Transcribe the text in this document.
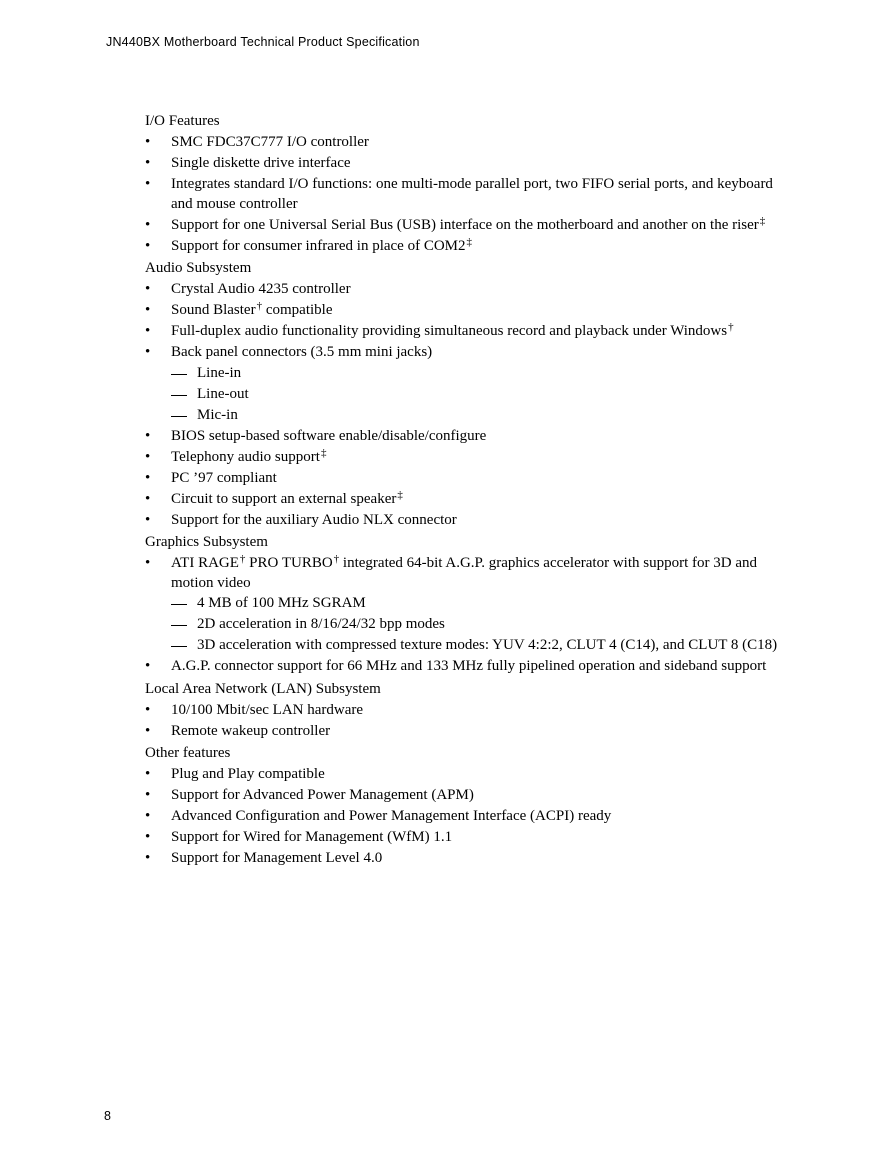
JN440BX Motherboard Technical Product Specification
I/O Features
• SMC FDC37C777 I/O controller
• Single diskette drive interface
• Integrates standard I/O functions: one multi-mode parallel port, two FIFO serial ports, and keyboard and mouse controller
• Support for one Universal Serial Bus (USB) interface on the motherboard and another on the riser‡
• Support for consumer infrared in place of COM2‡
Audio Subsystem
• Crystal Audio 4235 controller
• Sound Blaster† compatible
• Full-duplex audio functionality providing simultaneous record and playback under Windows†
• Back panel connectors (3.5 mm mini jacks)
Line-in
Line-out
Mic-in
• BIOS setup-based software enable/disable/configure
• Telephony audio support‡
• PC ’97 compliant
• Circuit to support an external speaker‡
• Support for the auxiliary Audio NLX connector
Graphics Subsystem
• ATI RAGE† PRO TURBO† integrated 64-bit A.G.P. graphics accelerator with support for 3D and motion video
4 MB of 100 MHz SGRAM
2D acceleration in 8/16/24/32 bpp modes
3D acceleration with compressed texture modes: YUV 4:2:2, CLUT 4 (C14), and CLUT 8 (C18)
• A.G.P. connector support for 66 MHz and 133 MHz fully pipelined operation and sideband support
Local Area Network (LAN) Subsystem
• 10/100 Mbit/sec LAN hardware
• Remote wakeup controller
Other features
• Plug and Play compatible
• Support for Advanced Power Management (APM)
• Advanced Configuration and Power Management Interface (ACPI) ready
• Support for Wired for Management (WfM) 1.1
• Support for Management Level 4.0
8
